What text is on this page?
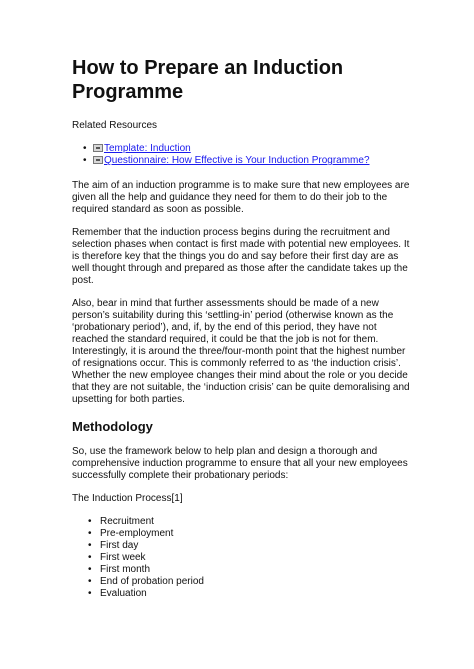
How to Prepare an Induction Programme
Related Resources
• Template: Induction
• Questionnaire: How Effective is Your Induction Programme?

The aim of an induction programme is to make sure that new employees are given all the help and guidance they need for them to do their job to the required standard as soon as possible.

Remember that the induction process begins during the recruitment and selection phases when contact is first made with potential new employees. It is therefore key that the things you do and say before their first day are as well thought through and prepared as those after the candidate takes up the post.

Also, bear in mind that further assessments should be made of a new person’s suitability during this ‘settling-in’ period (otherwise known as the ‘probationary period’), and, if, by the end of this period, they have not reached the standard required, it could be that the job is not for them. Interestingly, it is around the three/four-month point that the highest number of resignations occur. This is commonly referred to as ‘the induction crisis’. Whether the new employee changes their mind about the role or you decide that they are not suitable, the ‘induction crisis’ can be quite demoralising and upsetting for both parties.

Methodology

So, use the framework below to help plan and design a thorough and comprehensive induction programme to ensure that all your new employees successfully complete their probationary periods:

The Induction Process[1]

• Recruitment
• Pre-employment
• First day
• First week
• First month
• End of probation period
• Evaluation
